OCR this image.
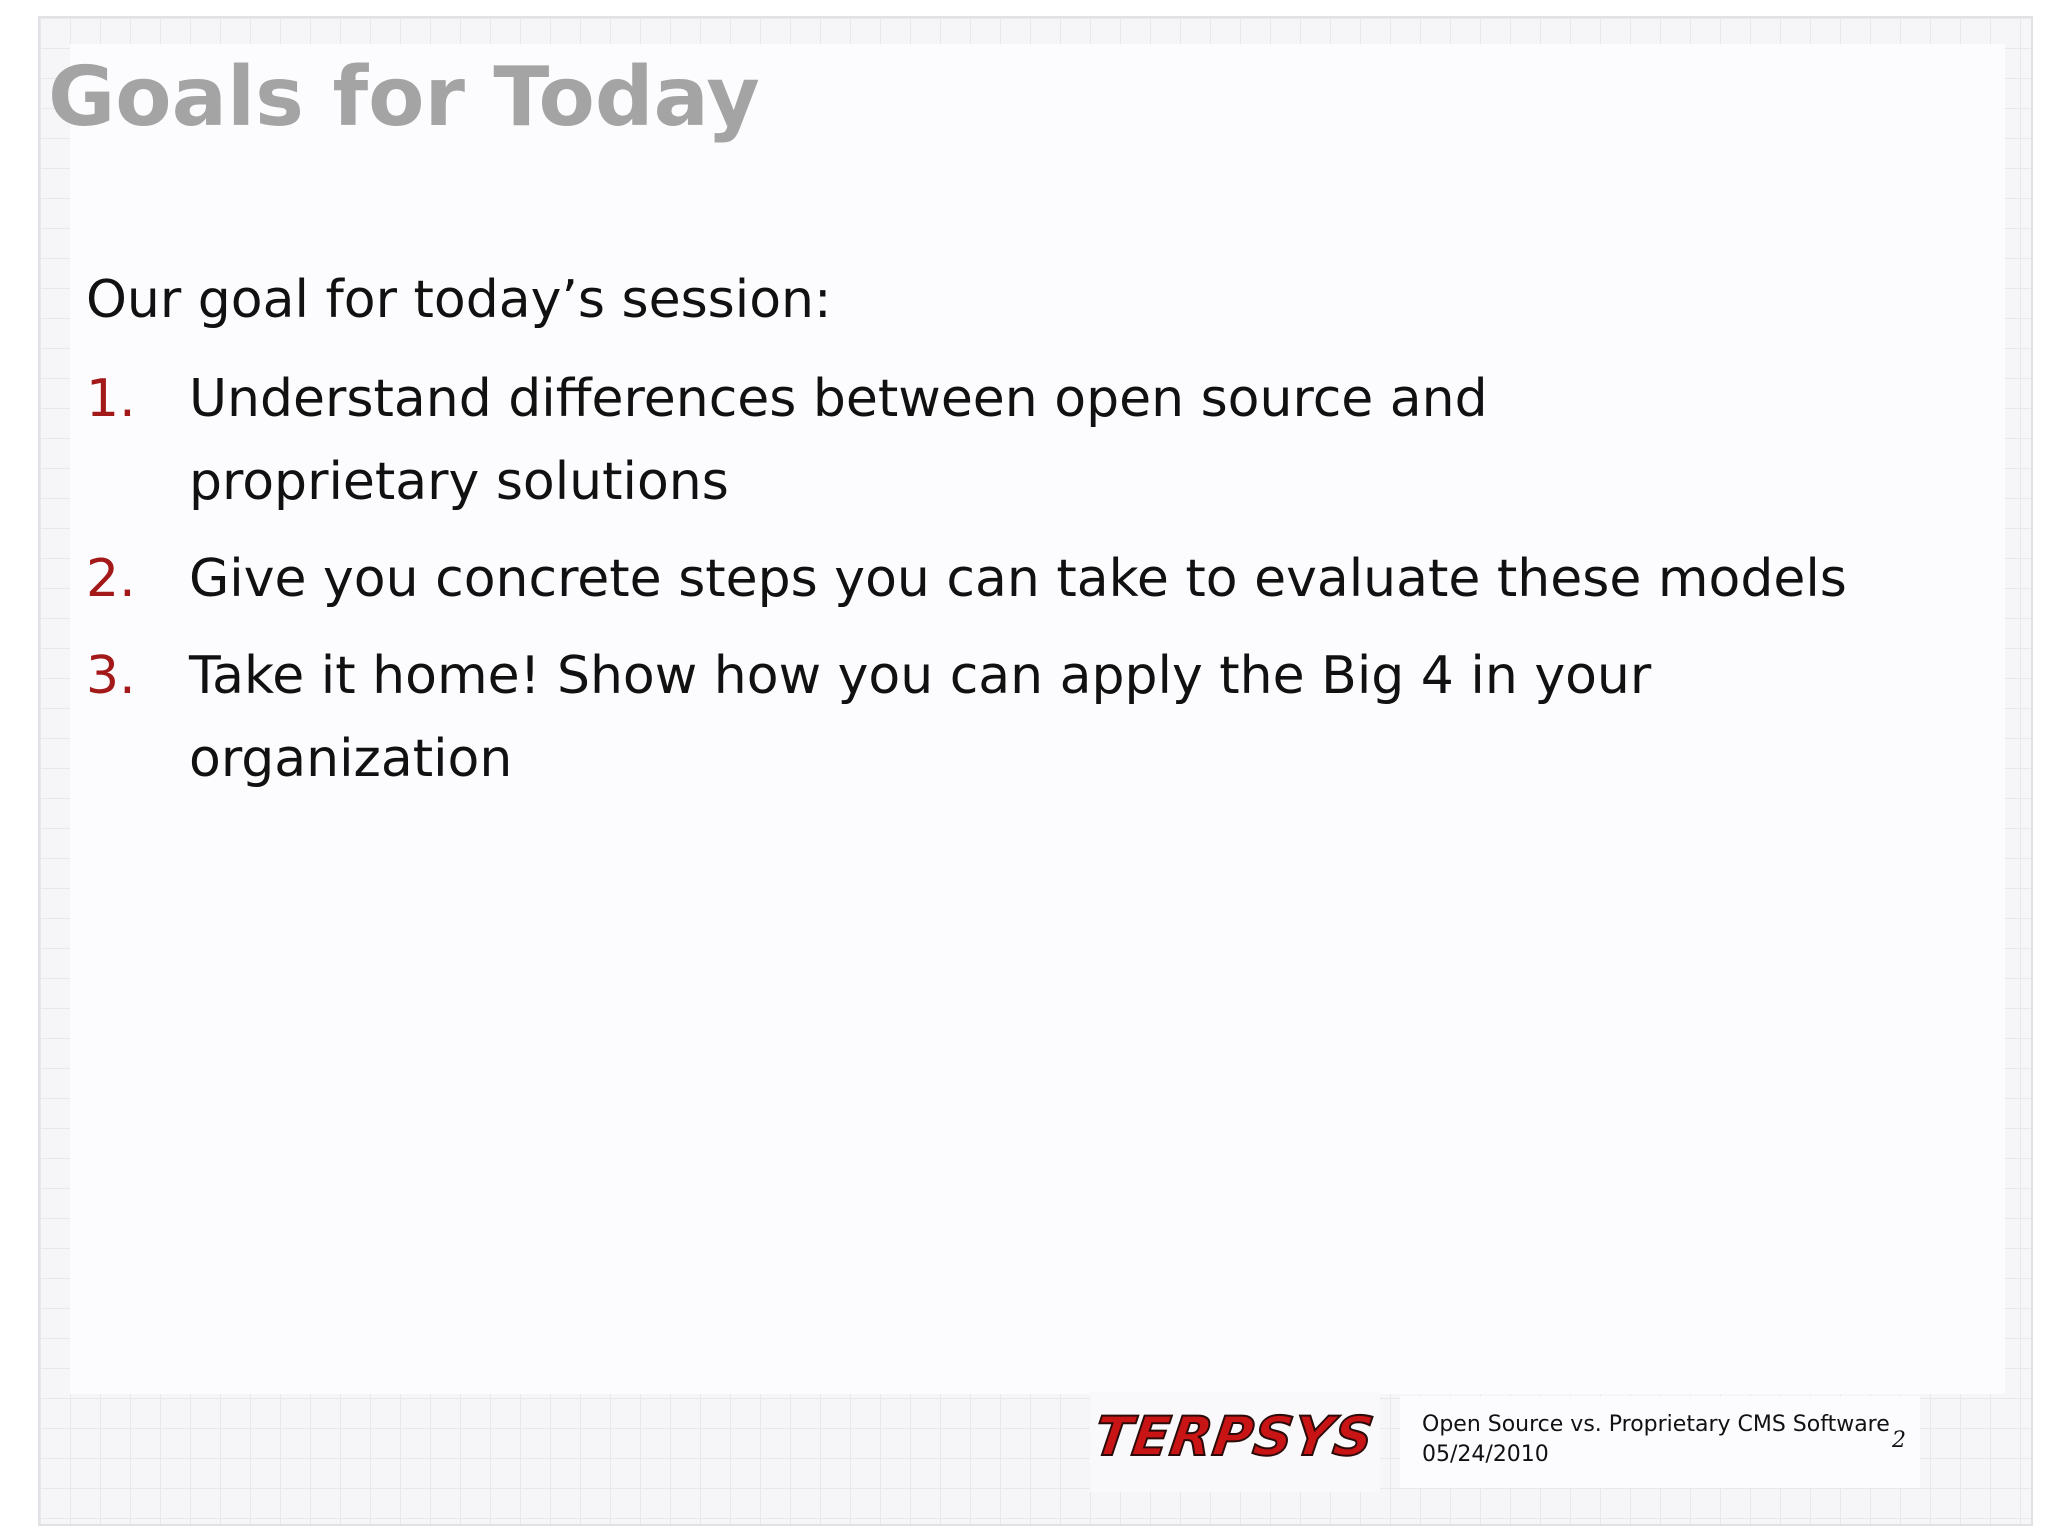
Goals for Today
Our goal for today’s session:
1. Understand differences between open source and proprietary solutions
2. Give you concrete steps you can take to evaluate these models
3. Take it home! Show how you can apply the Big 4 in your organization
TERPSYS Open Source vs. Proprietary CMS Software
05/24/2010
2
